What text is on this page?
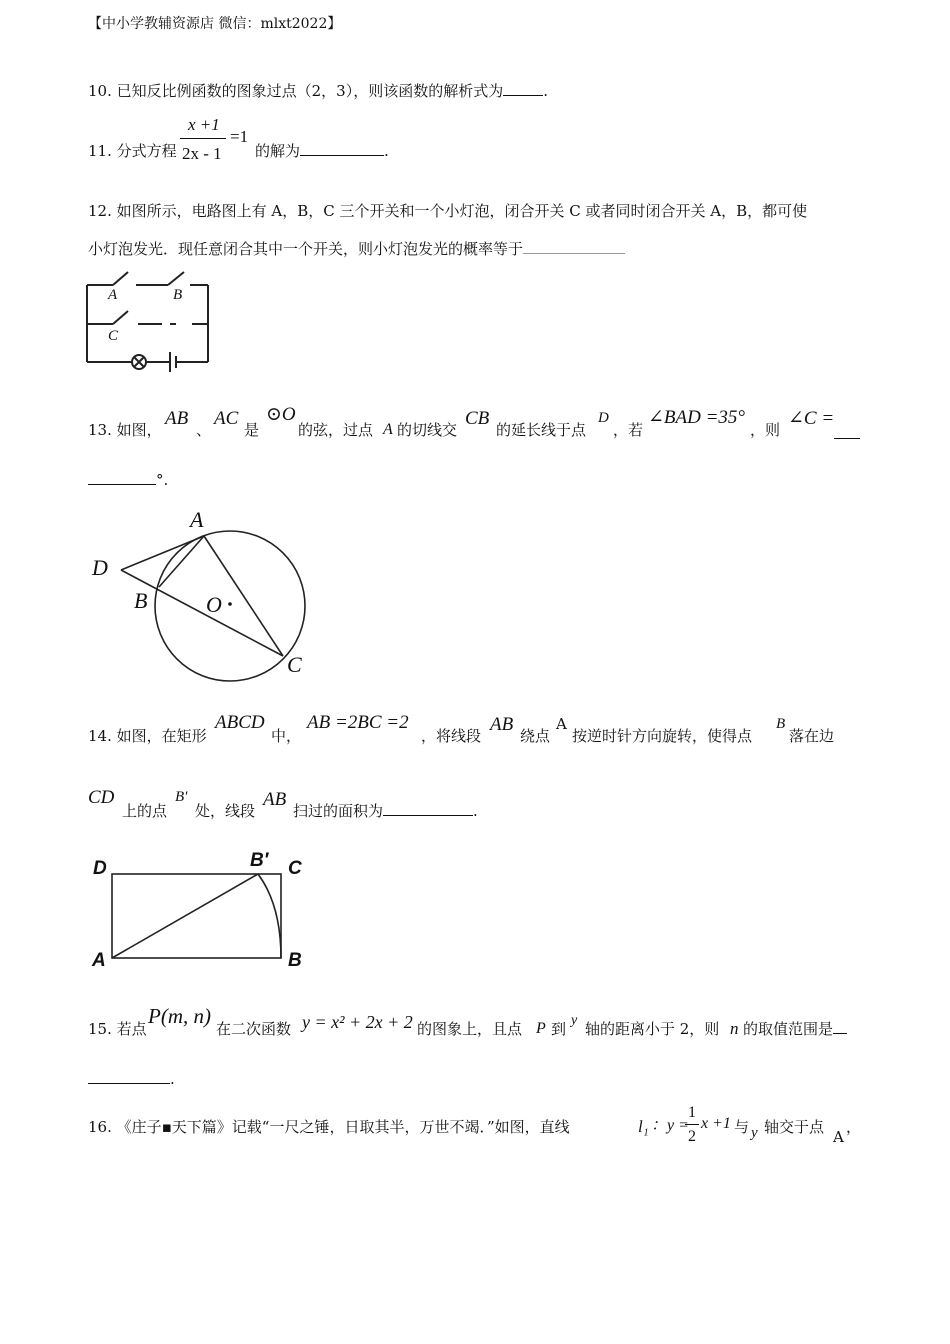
【中小学教辅资源店 微信：mlxt2022】
10. 已知反比例函数的图象过点（2，3），则该函数的解析式为	.
11. 分式方程
x +1
2x - 1
=1
的解为	.
12. 如图所示，电路图上有 A，B，C 三个开关和一个小灯泡，闭合开关 C 或者同时闭合开关 A，B，都可使
小灯泡发光．现任意闭合其中一个开关，则小灯泡发光的概率等于
A	B
C
13. 如图，
AB
、
AC
是
⊙O
的弦，过点 A 的切线交
CB
的延长线于点
D
，若
∠BAD =35°
，则
∠C =
°.
A
B
C
D
O
14. 如图，在矩形
ABCD
中，
AB =2BC =2
，将线段
AB
绕点
A
按逆时针方向旋转，使得点
B
落在边
CD
上的点
B′
处，线段
AB
扫过的面积为	.
D	B′ C
A	B
15. 若点
P(m, n)
在二次函数 y = x² + 2x + 2 的图象上，且点 P 到 y 轴的距离小于 2，则 n 的取值范围是
.
16. 《庄子▪天下篇》记载“一尺之锤，日取其半，万世不竭．”如图，直线	l₁ ：y =
1
2
x +1 与 y 轴交于点
A
，
